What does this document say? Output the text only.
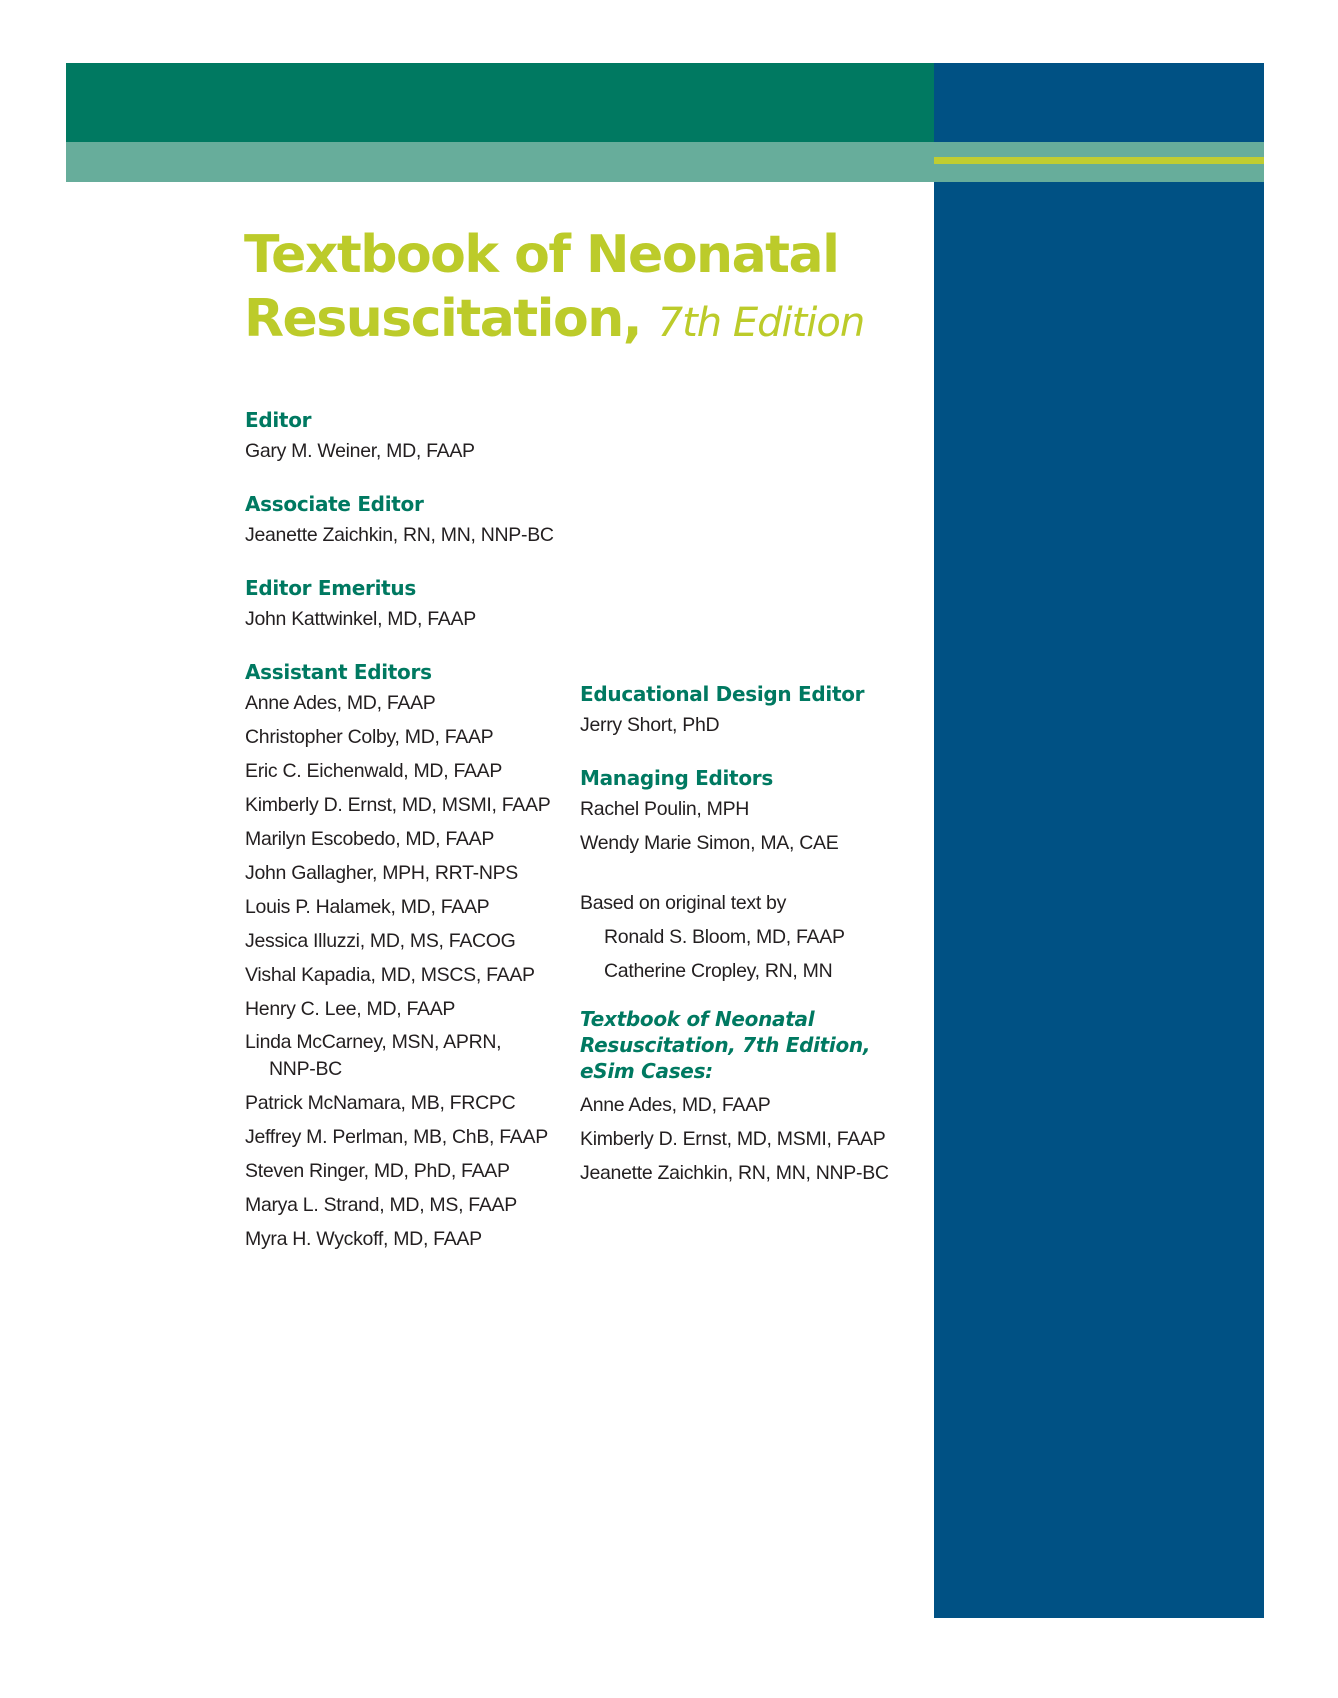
Textbook of Neonatal
Resuscitation, 7th Edition

Editor

Gary M. Weiner, MD, FAAP

Associate Editor

Jeanette Zaichkin, RN, MN, NNP-BC

Editor Emeritus

John Kattwinkel, MD, FAAP

Assistant Editors

Anne Ades, MD, FAAP

Christopher Colby, MD, FAAP

Eric C. Eichenwald, MD, FAAP

Kimberly D. Ernst, MD, MSMI, FAAP

Marilyn Escobedo, MD, FAAP

John Gallagher, MPH, RRT-NPS

Louis P. Halamek, MD, FAAP

Jessica Illuzzi, MD, MS, FACOG

Vishal Kapadia, MD, MSCS, FAAP

Henry C. Lee, MD, FAAP

Linda McCarney, MSN, APRN,
NNP-BC

Patrick McNamara, MB, FRCPC

Jeffrey M. Perlman, MB, ChB, FAAP

Steven Ringer, MD, PhD, FAAP

Marya L. Strand, MD, MS, FAAP

Myra H. Wyckoff, MD, FAAP

Educational Design Editor

Jerry Short, PhD

Managing Editors

Rachel Poulin, MPH

Wendy Marie Simon, MA, CAE

Based on original text by

Ronald S. Bloom, MD, FAAP

Catherine Cropley, RN, MN

Textbook of Neonatal

Resuscitation, 7th Edition,

eSim Cases:

Anne Ades, MD, FAAP

Kimberly D. Ernst, MD, MSMI, FAAP

Jeanette Zaichkin, RN, MN, NNP-BC
